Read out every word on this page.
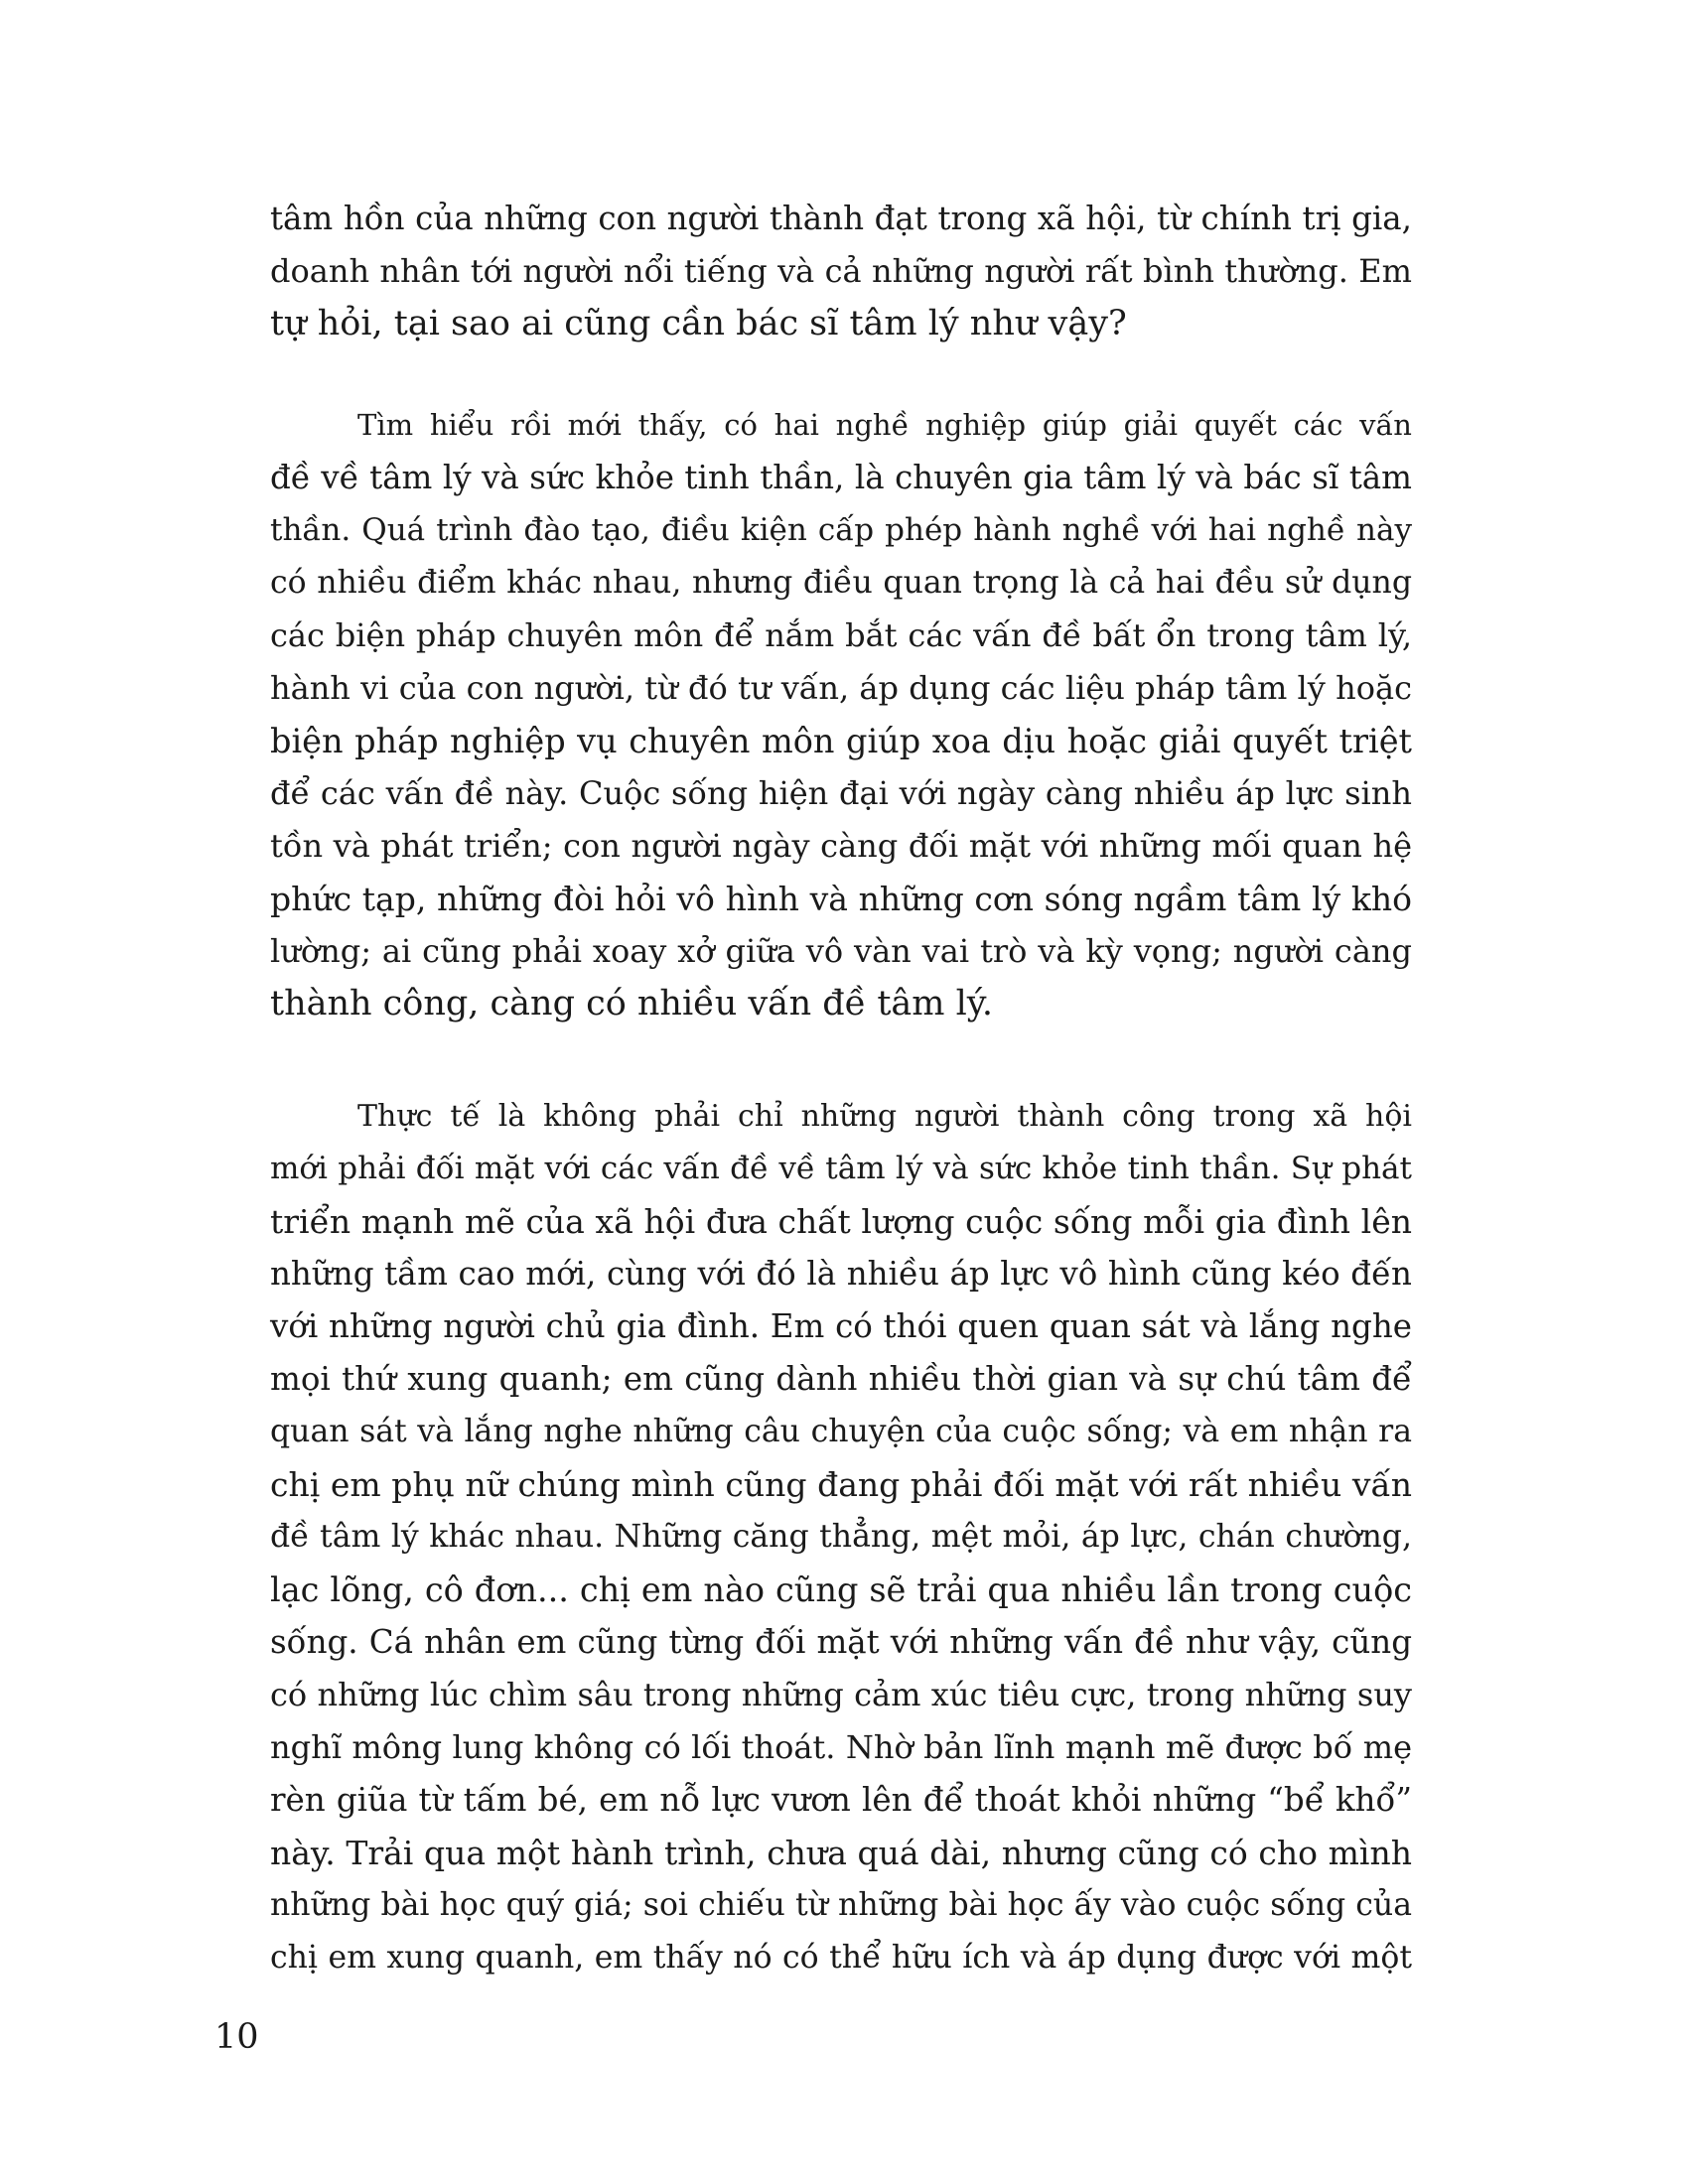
tâm hồn của những con người thành đạt trong xã hội, từ chính trị gia,
doanh nhân tới người nổi tiếng và cả những người rất bình thường. Em
tự hỏi, tại sao ai cũng cần bác sĩ tâm lý như vậy?
Tìm hiểu rồi mới thấy, có hai nghề nghiệp giúp giải quyết các vấn
đề về tâm lý và sức khỏe tinh thần, là chuyên gia tâm lý và bác sĩ tâm
thần. Quá trình đào tạo, điều kiện cấp phép hành nghề với hai nghề này
có nhiều điểm khác nhau, nhưng điều quan trọng là cả hai đều sử dụng
các biện pháp chuyên môn để nắm bắt các vấn đề bất ổn trong tâm lý,
hành vi của con người, từ đó tư vấn, áp dụng các liệu pháp tâm lý hoặc
biện pháp nghiệp vụ chuyên môn giúp xoa dịu hoặc giải quyết triệt
để các vấn đề này. Cuộc sống hiện đại với ngày càng nhiều áp lực sinh
tồn và phát triển; con người ngày càng đối mặt với những mối quan hệ
phức tạp, những đòi hỏi vô hình và những cơn sóng ngầm tâm lý khó
lường; ai cũng phải xoay xở giữa vô vàn vai trò và kỳ vọng; người càng
thành công, càng có nhiều vấn đề tâm lý.
Thực tế là không phải chỉ những người thành công trong xã hội
mới phải đối mặt với các vấn đề về tâm lý và sức khỏe tinh thần. Sự phát
triển mạnh mẽ của xã hội đưa chất lượng cuộc sống mỗi gia đình lên
những tầm cao mới, cùng với đó là nhiều áp lực vô hình cũng kéo đến
với những người chủ gia đình. Em có thói quen quan sát và lắng nghe
mọi thứ xung quanh; em cũng dành nhiều thời gian và sự chú tâm để
quan sát và lắng nghe những câu chuyện của cuộc sống; và em nhận ra
chị em phụ nữ chúng mình cũng đang phải đối mặt với rất nhiều vấn
đề tâm lý khác nhau. Những căng thẳng, mệt mỏi, áp lực, chán chường,
lạc lõng, cô đơn... chị em nào cũng sẽ trải qua nhiều lần trong cuộc
sống. Cá nhân em cũng từng đối mặt với những vấn đề như vậy, cũng
có những lúc chìm sâu trong những cảm xúc tiêu cực, trong những suy
nghĩ mông lung không có lối thoát. Nhờ bản lĩnh mạnh mẽ được bố mẹ
rèn giũa từ tấm bé, em nỗ lực vươn lên để thoát khỏi những “bể khổ”
này. Trải qua một hành trình, chưa quá dài, nhưng cũng có cho mình
những bài học quý giá; soi chiếu từ những bài học ấy vào cuộc sống của
chị em xung quanh, em thấy nó có thể hữu ích và áp dụng được với một
10
